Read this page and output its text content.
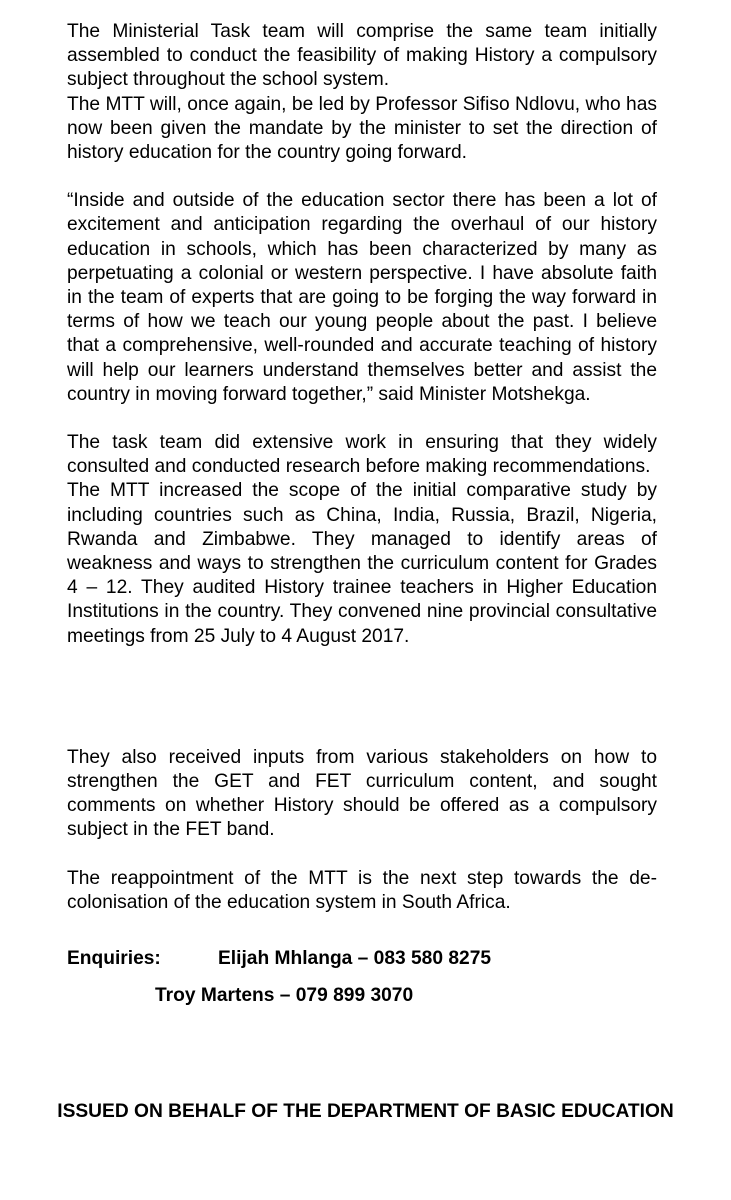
The Ministerial Task team will comprise the same team initially assembled to conduct the feasibility of making History a compulsory subject throughout the school system.

The MTT will, once again, be led by Professor Sifiso Ndlovu, who has now been given the mandate by the minister to set the direction of history education for the country going forward.

“Inside and outside of the education sector there has been a lot of excitement and anticipation regarding the overhaul of our history education in schools, which has been characterized by many as perpetuating a colonial or western perspective. I have absolute faith in the team of experts that are going to be forging the way forward in terms of how we teach our young people about the past. I believe that a comprehensive, well-rounded and accurate teaching of history will help our learners understand themselves better and assist the country in moving forward together,” said Minister Motshekga.

The task team did extensive work in ensuring that they widely consulted and conducted research before making recommendations.

The MTT increased the scope of the initial comparative study by including countries such as China, India, Russia, Brazil, Nigeria, Rwanda and Zimbabwe. They managed to identify areas of weakness and ways to strengthen the curriculum content for Grades 4 – 12. They audited History trainee teachers in Higher Education Institutions in the country. They convened nine provincial consultative meetings from 25 July to 4 August 2017.

They also received inputs from various stakeholders on how to strengthen the GET and FET curriculum content, and sought comments on whether History should be offered as a compulsory subject in the FET band.

The reappointment of the MTT is the next step towards the de-colonisation of the education system in South Africa.

Enquiries:	Elijah Mhlanga – 083 580 8275
Troy Martens – 079 899 3070
ISSUED ON BEHALF OF THE DEPARTMENT OF BASIC EDUCATION
